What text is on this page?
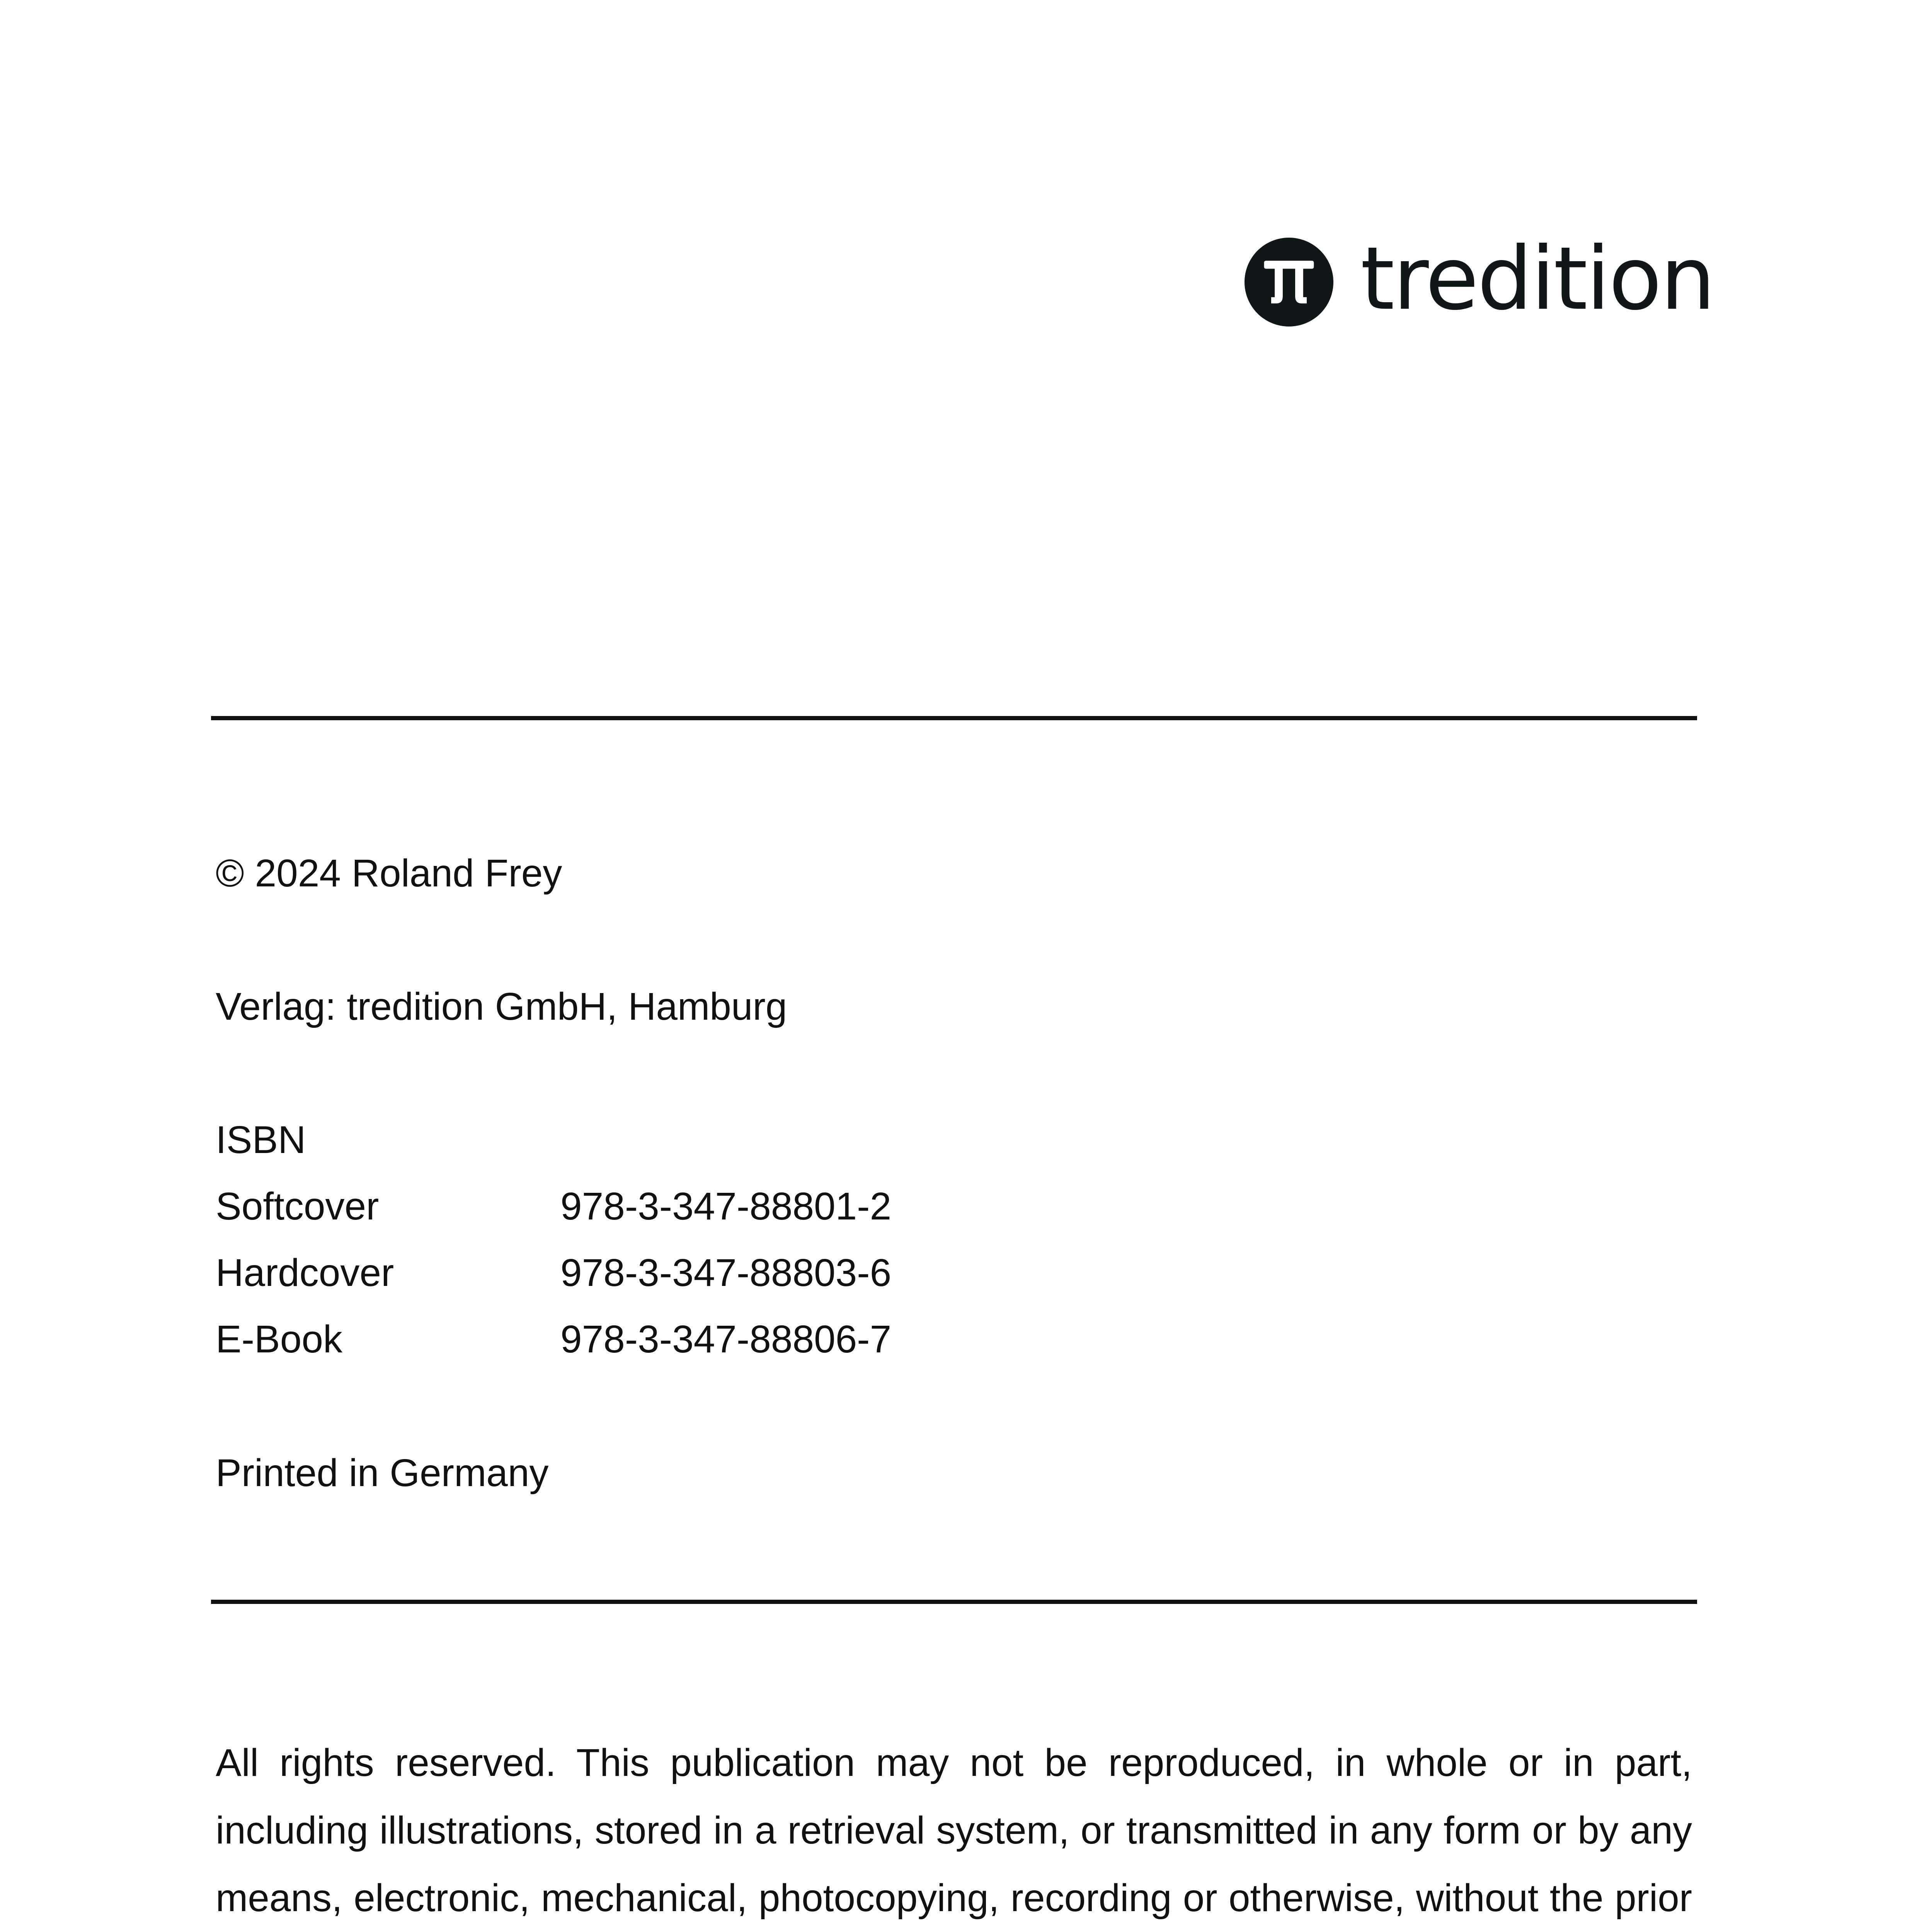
tredition
© 2024 Roland Frey
Verlag: tredition GmbH, Hamburg
ISBN
Softcover	978-3-347-88801-2
Hardcover	978-3-347-88803-6
E-Book	978-3-347-88806-7
Printed in Germany

All rights reserved. This publication may not be reproduced, in whole or in part, including illustrations, stored in a retrieval system, or transmitted in any form or by any means, electronic, mechanical, photocopying, recording or otherwise, without the prior
